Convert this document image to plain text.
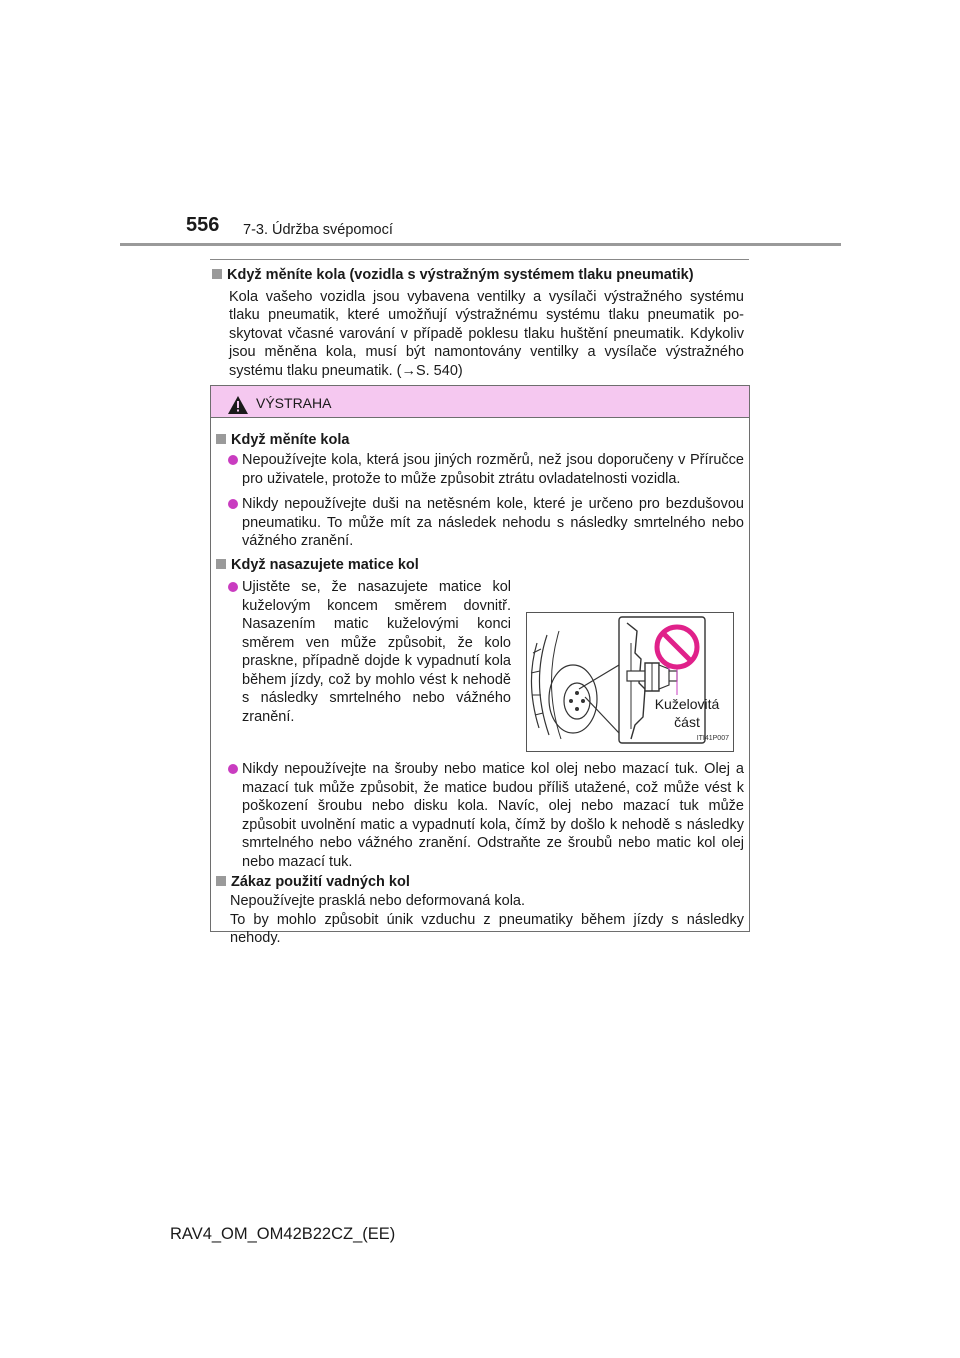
556 7-3. Údržba svépomocí
Když měníte kola (vozidla s výstražným systémem tlaku pneumatik)

Kola vašeho vozidla jsou vybavena ventilky a vysílači výstražného systému tlaku pneumatik, které umožňují výstražnému systému tlaku pneumatik poskytovat včasné varování v případě poklesu tlaku huštění pneumatik. Kdykoliv jsou měněna kola, musí být namontovány ventilky a vysílače výstražného systému tlaku pneumatik. (→S. 540)

VÝSTRAHA
Když měníte kola

Nepoužívejte kola, která jsou jiných rozměrů, než jsou doporučeny v Příručce pro uživatele, protože to může způsobit ztrátu ovladatelnosti vozidla.

Nikdy nepoužívejte duši na netěsném kole, které je určeno pro bezdušovou pneumatiku. To může mít za následek nehodu s následky smrtelného nebo vážného zranění.

Když nasazujete matice kol

Ujistěte se, že nasazujete matice kol kuželovým koncem směrem dovnitř. Nasazením matic kuželovými konci směrem ven může způsobit, že kolo praskne, případně dojde k vypadnutí kola během jízdy, což by mohlo vést k nehodě s následky smrtelného nebo vážného zranění.

Kuželovitá
část
ITI41P007

Nikdy nepoužívejte na šrouby nebo matice kol olej nebo mazací tuk. Olej a mazací tuk může způsobit, že matice budou příliš utažené, což může vést k poškození šroubu nebo disku kola. Navíc, olej nebo mazací tuk může způsobit uvolnění matic a vypadnutí kola, čímž by došlo k nehodě s následky smrtelného nebo vážného zranění. Odstraňte ze šroubů nebo matic kol olej nebo mazací tuk.

Zákaz použití vadných kol

Nepoužívejte prasklá nebo deformovaná kola.

To by mohlo způsobit únik vzduchu z pneumatiky během jízdy s následky nehody.

RAV4_OM_OM42B22CZ_(EE)
